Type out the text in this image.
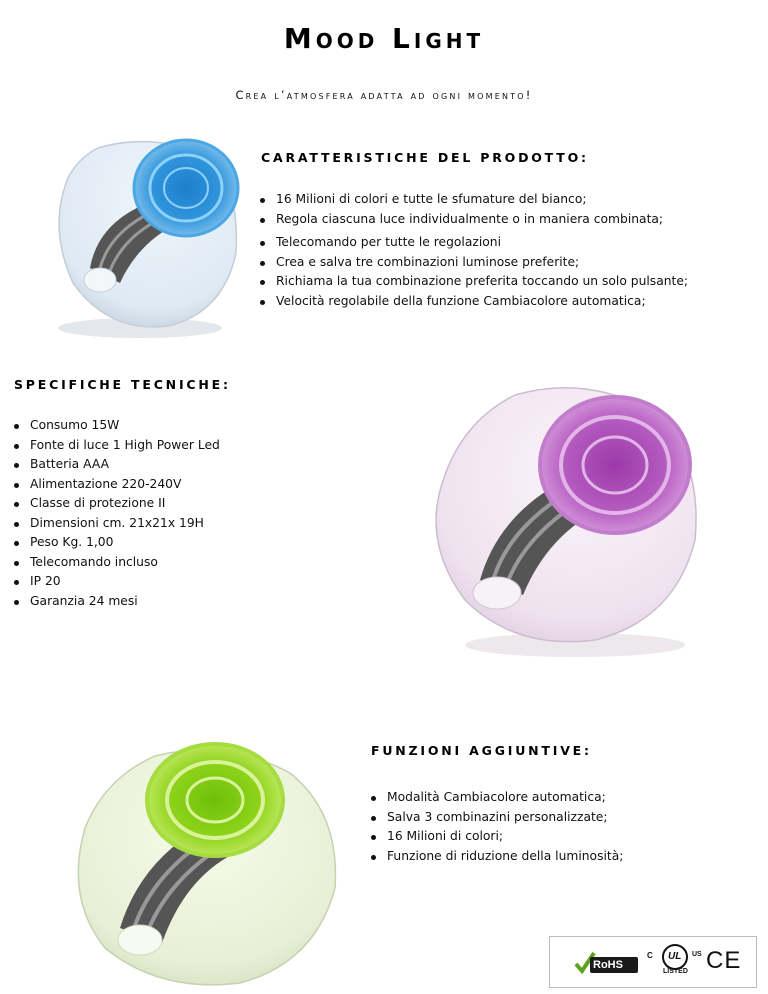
Mood Light
Crea l’atmosfera adatta ad ogni momento!
CARATTERISTICHE DEL PRODOTTO:
16 Milioni di colori e tutte le sfumature del bianco;
Regola ciascuna luce individualmente o in maniera combinata;
Telecomando per tutte le regolazioni
Crea e salva tre combinazioni luminose preferite;
Richiama la tua combinazione preferita toccando un solo pulsante;
Velocità regolabile della funzione Cambiacolore automatica;
SPECIFICHE TECNICHE:
Consumo 15W
Fonte di luce 1 High Power Led
Batteria AAA
Alimentazione 220-240V
Classe di protezione II
Dimensioni cm. 21x21x 19H
Peso Kg. 1,00
Telecomando incluso
IP 20
Garanzia 24 mesi
FUNZIONI AGGIUNTIVE:
Modalità Cambiacolore automatica;
Salva 3 combinazini personalizzate;
16 Milioni di colori;
Funzione di riduzione della luminosità;
RoHS
C UL US
LISTED CE
